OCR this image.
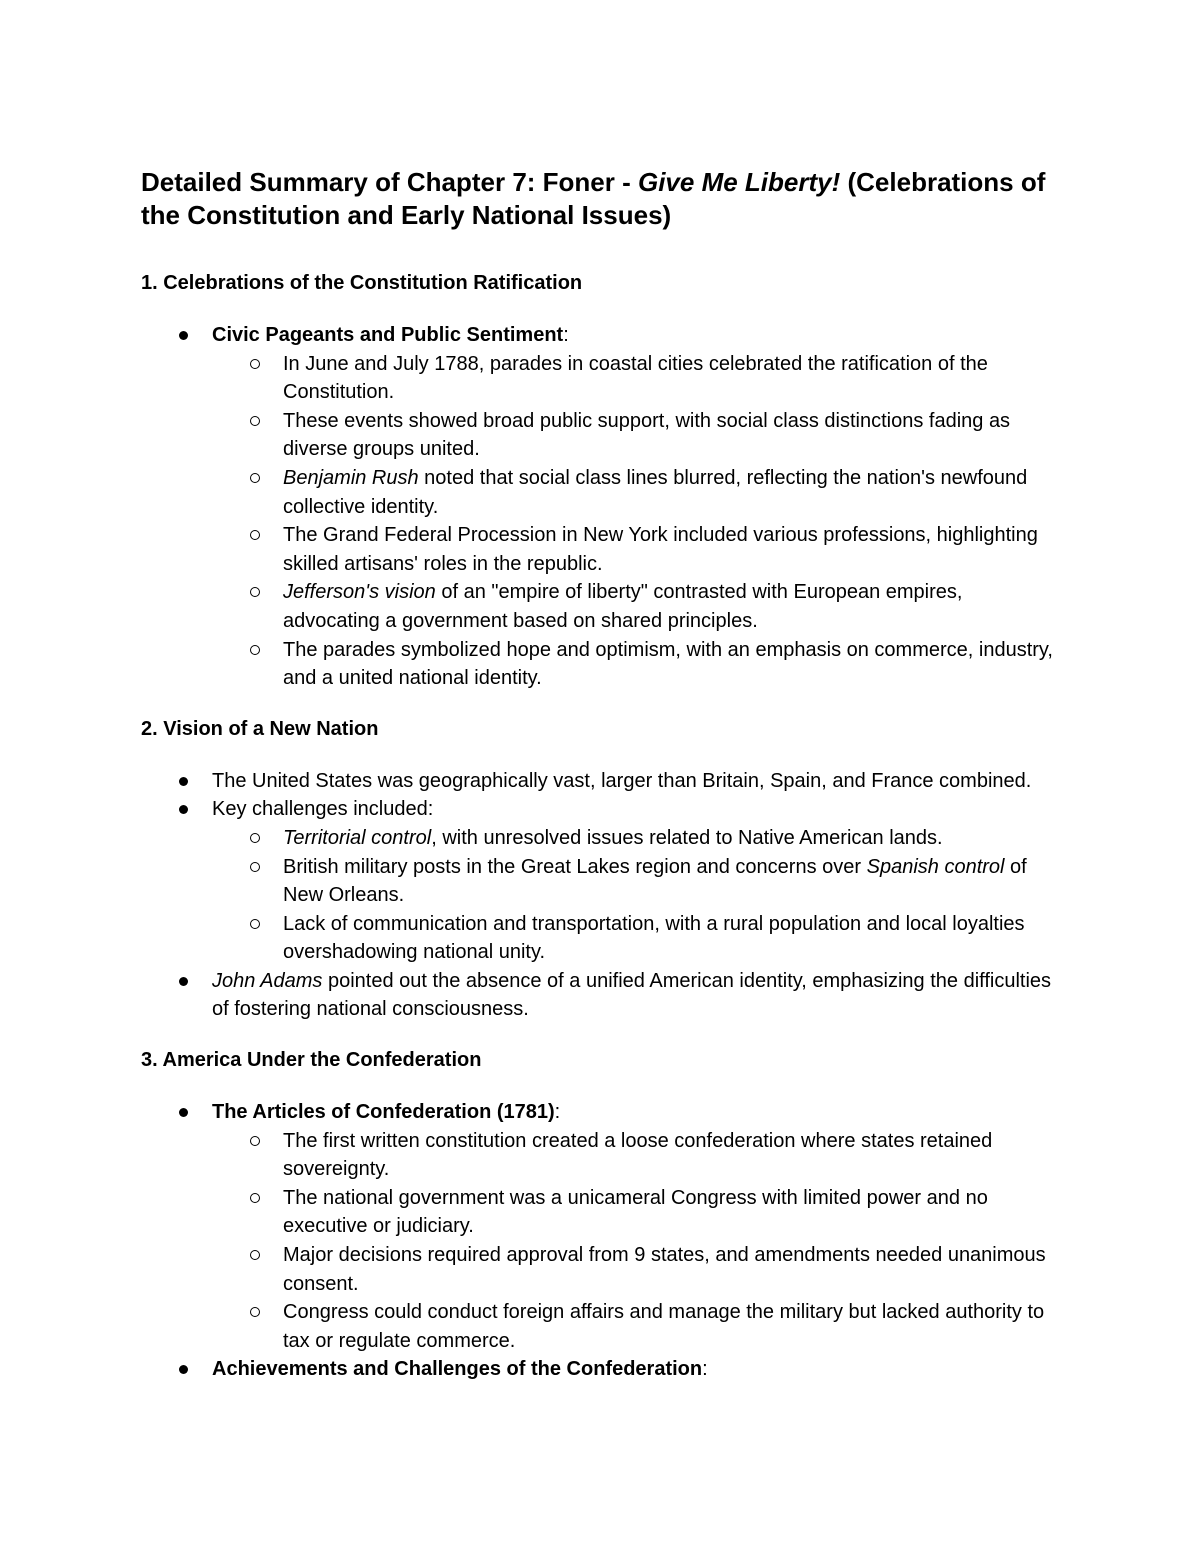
Detailed Summary of Chapter 7: Foner - Give Me Liberty! (Celebrations of the Constitution and Early National Issues)
1. Celebrations of the Constitution Ratification
Civic Pageants and Public Sentiment:
In June and July 1788, parades in coastal cities celebrated the ratification of the Constitution.
These events showed broad public support, with social class distinctions fading as diverse groups united.
Benjamin Rush noted that social class lines blurred, reflecting the nation's newfound collective identity.
The Grand Federal Procession in New York included various professions, highlighting skilled artisans' roles in the republic.
Jefferson's vision of an "empire of liberty" contrasted with European empires, advocating a government based on shared principles.
The parades symbolized hope and optimism, with an emphasis on commerce, industry, and a united national identity.
2. Vision of a New Nation
The United States was geographically vast, larger than Britain, Spain, and France combined.
Key challenges included:
Territorial control, with unresolved issues related to Native American lands.
British military posts in the Great Lakes region and concerns over Spanish control of New Orleans.
Lack of communication and transportation, with a rural population and local loyalties overshadowing national unity.
John Adams pointed out the absence of a unified American identity, emphasizing the difficulties of fostering national consciousness.
3. America Under the Confederation
The Articles of Confederation (1781):
The first written constitution created a loose confederation where states retained sovereignty.
The national government was a unicameral Congress with limited power and no executive or judiciary.
Major decisions required approval from 9 states, and amendments needed unanimous consent.
Congress could conduct foreign affairs and manage the military but lacked authority to tax or regulate commerce.
Achievements and Challenges of the Confederation:
